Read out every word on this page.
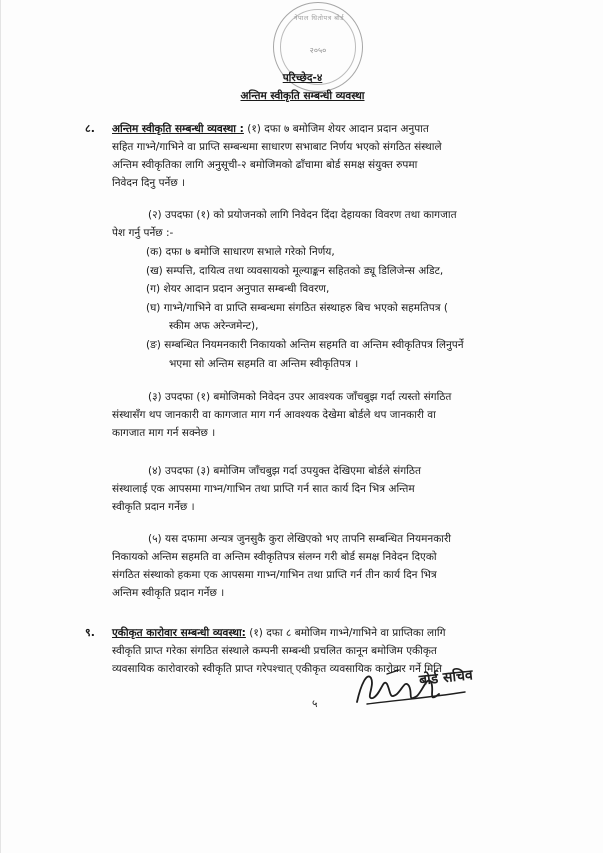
नेपाल धितोपत्र बोर्ड
२०५०
परिच्छेद-४
अन्तिम स्वीकृति सम्बन्धी व्यवस्था
८. अन्तिम स्वीकृति सम्बन्धी व्यवस्था : (१) दफा ७ बमोजिम शेयर आदान प्रदान अनुपात
सहित गाभ्ने/गाभिने वा प्राप्ति सम्बन्धमा साधारण सभाबाट निर्णय भएको संगठित संस्थाले
अन्तिम स्वीकृतिका लागि अनुसूची-२ बमोजिमको ढाँचामा बोर्ड समक्ष संयुक्त रुपमा
निवेदन दिनु पर्नेछ ।
(२) उपदफा (१) को प्रयोजनको लागि निवेदन दिंदा देहायका विवरण तथा कागजात
पेश गर्नु पर्नेछ :-
(क) दफा ७ बमोजि साधारण सभाले गरेको निर्णय,
(ख) सम्पत्ति, दायित्व तथा व्यवसायको मूल्याङ्कन सहितको ड्यू डिलिजेन्स अडिट,
(ग) शेयर आदान प्रदान अनुपात सम्बन्धी विवरण,
(घ) गाभ्ने/गाभिने वा प्राप्ति सम्बन्धमा संगठित संस्थाहरु बिच भएको सहमतिपत्र (
स्कीम अफ अरेन्जमेन्ट),
(ङ) सम्बन्धित नियमनकारी निकायको अन्तिम सहमति वा अन्तिम स्वीकृतिपत्र लिनुपर्ने
भएमा सो अन्तिम सहमति वा अन्तिम स्वीकृतिपत्र ।
(३) उपदफा (१) बमोजिमको निवेदन उपर आवश्यक जाँचबुझ गर्दा त्यस्तो संगठित
संस्थासँग थप जानकारी वा कागजात माग गर्न आवश्यक देखेमा बोर्डले थप जानकारी वा
कागजात माग गर्न सक्नेछ ।
(४) उपदफा (३) बमोजिम जाँचबुझ गर्दा उपयुक्त देखिएमा बोर्डले संगठित
संस्थालाई एक आपसमा गाभ्न/गाभिन तथा प्राप्ति गर्न सात कार्य दिन भित्र अन्तिम
स्वीकृति प्रदान गर्नेछ ।
(५) यस दफामा अन्यत्र जुनसुकै कुरा लेखिएको भए तापनि सम्बन्धित नियमनकारी
निकायको अन्तिम सहमति वा अन्तिम स्वीकृतिपत्र संलग्न गरी बोर्ड समक्ष निवेदन दिएको
संगठित संस्थाको हकमा एक आपसमा गाभ्न/गाभिन तथा प्राप्ति गर्न तीन कार्य दिन भित्र
अन्तिम स्वीकृति प्रदान गर्नेछ ।
९. एकीकृत कारोवार सम्बन्धी व्यवस्था: (१) दफा ८ बमोजिम गाभ्ने/गाभिने वा प्राप्तिका लागि
स्वीकृति प्राप्त गरेका संगठित संस्थाले कम्पनी सम्बन्धी प्रचलित कानून बमोजिम एकीकृत
व्यवसायिक कारोवारको स्वीकृति प्राप्त गरेपश्चात् एकीकृत व्यवसायिक कारोवार गर्ने मिति
बोर्ड सचिव
५
